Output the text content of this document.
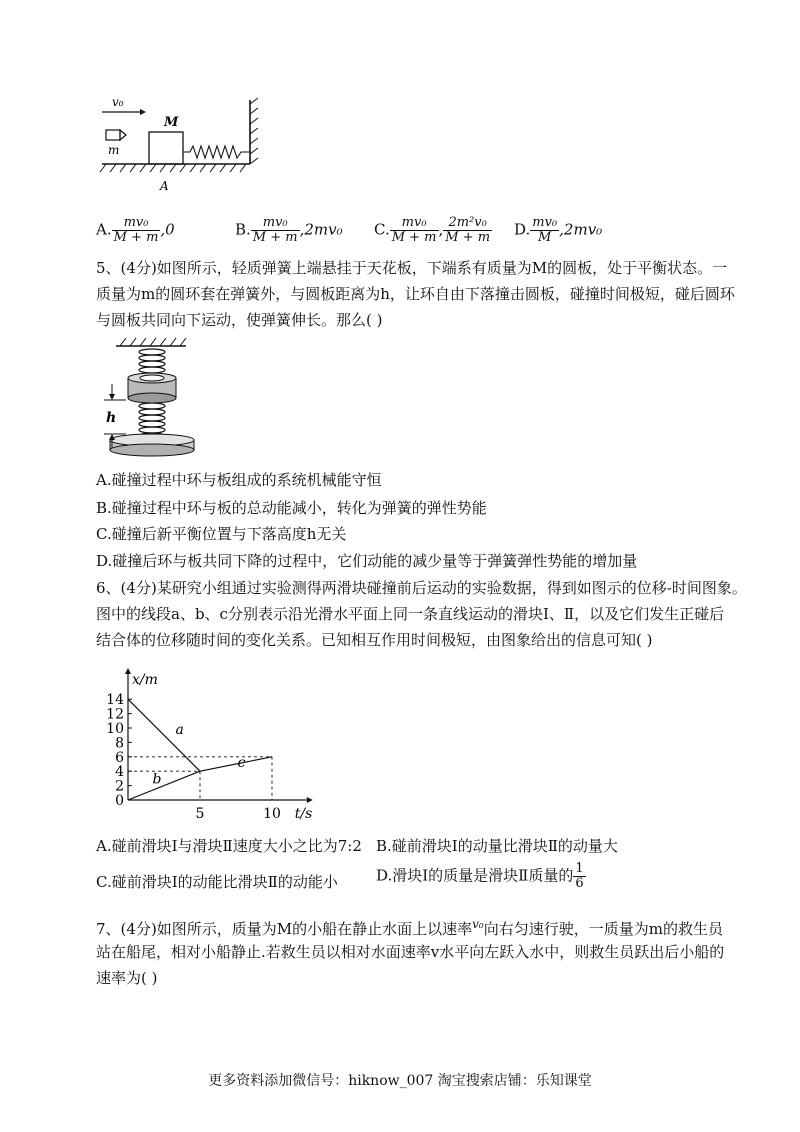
v₀
m
M
A
A. $\frac{\text{mv₀}}{M + m} ,0$	B. $\frac{\text{mv₀}}{M + m} ,2mv_0$ C. $\frac{\text{mv₀}}{M + m}$ , $\frac{\text{2m²v₀}}{M + m} D$. $\frac{\text{mv₀}}{M} ,2mv_0$
5、(4分)如图所示，轻质弹簧上端悬挂于天花板，下端系有质量为M的圆板，处于平衡状态。一
质量为m的圆环套在弹簧外，与圆板距离为h，让环自由下落撞击圆板，碰撞时间极短，碰后圆环
与圆板共同向下运动，使弹簧伸长。那么( )
h
A.碰撞过程中环与板组成的系统机械能守恒
B.碰撞过程中环与板的总动能减小，转化为弹簧的弹性势能
C.碰撞后新平衡位置与下落高度h无关
D.碰撞后环与板共同下降的过程中，它们动能的减少量等于弹簧弹性势能的增加量
6、(4分)某研究小组通过实验测得两滑块碰撞前后运动的实验数据，得到如图示的位移-时间图象。
图中的线段a、b、c分别表示沿光滑水平面上同一条直线运动的滑块Ⅰ、Ⅱ，以及它们发生正碰后
结合体的位移随时间的变化关系。已知相互作用时间极短，由图象给出的信息可知( )
0
2
4
6
8
10
12
14
5	10 t/s
x/m
a
b
c
A.碰前滑块Ⅰ与滑块Ⅱ速度大小之比为7:2 B.碰前滑块Ⅰ的动量比滑块Ⅱ的动量大
C.碰前滑块Ⅰ的动能比滑块Ⅱ的动能小	D.滑块Ⅰ的质量是滑块Ⅱ质量的 $\frac{1}{6}$
7、(4分)如图所示，质量为M的小船在静止水面上以速率$^{v_0}$向右匀速行驶，一质量为m的救生员
站在船尾，相对小船静止.若救生员以相对水面速率v水平向左跃入水中，则救生员跃出后小船的
速率为( )
更多资料添加微信号：hiknow_007 淘宝搜索店铺：乐知课堂
